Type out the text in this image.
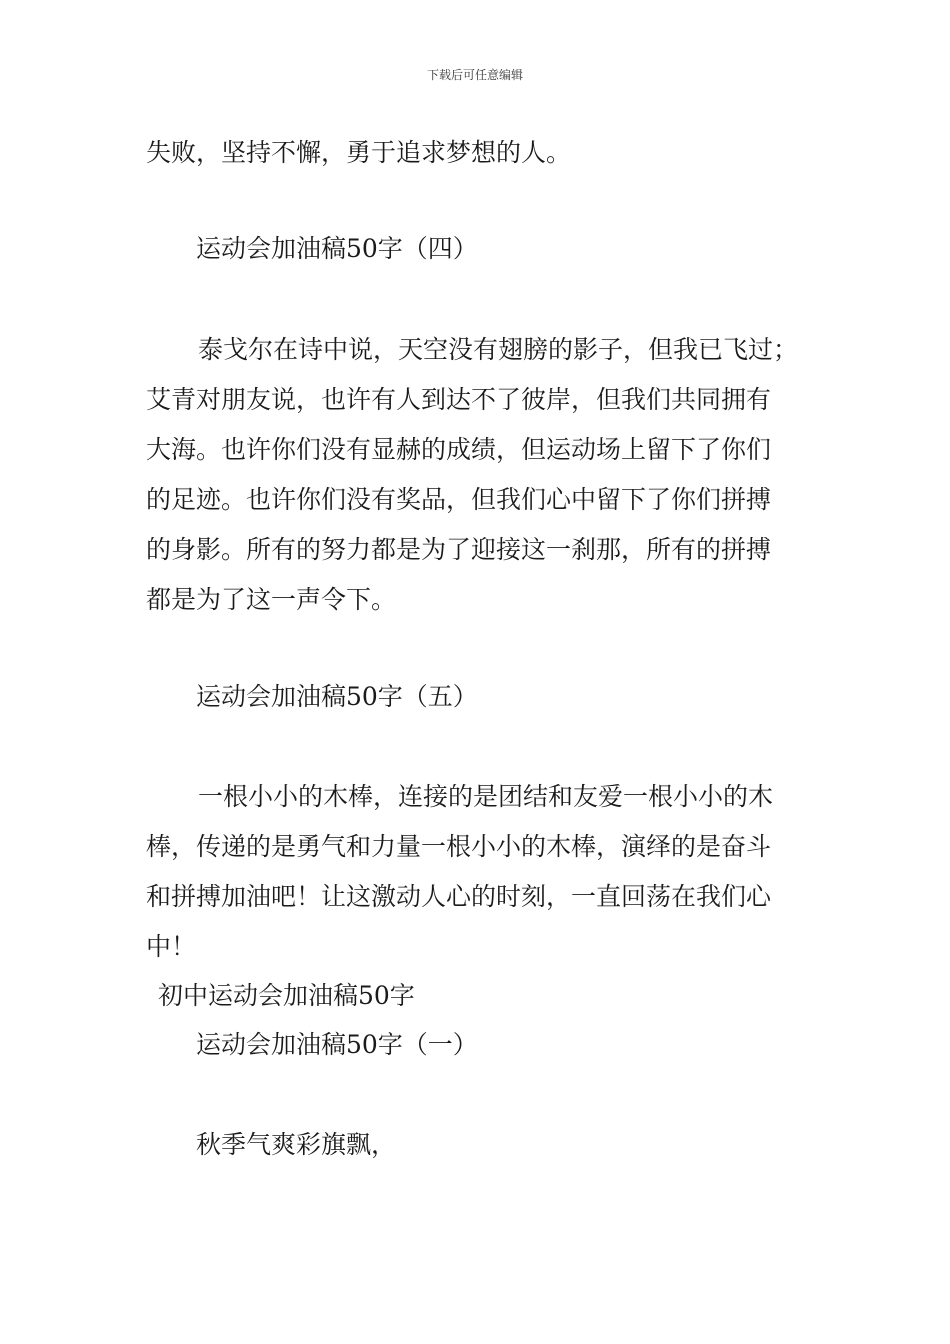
下载后可任意编辑
失败，坚持不懈，勇于追求梦想的人。
运动会加油稿50字（四）
泰戈尔在诗中说，天空没有翅膀的影子，但我已飞过；
艾青对朋友说，也许有人到达不了彼岸，但我们共同拥有
大海。也许你们没有显赫的成绩，但运动场上留下了你们
的足迹。也许你们没有奖品，但我们心中留下了你们拼搏
的身影。所有的努力都是为了迎接这一刹那，所有的拼搏
都是为了这一声令下。
运动会加油稿50字（五）
一根小小的木棒，连接的是团结和友爱一根小小的木
棒，传递的是勇气和力量一根小小的木棒，演绎的是奋斗
和拼搏加油吧！让这激动人心的时刻，一直回荡在我们心
中！
初中运动会加油稿50字
运动会加油稿50字（一）
秋季气爽彩旗飘，
